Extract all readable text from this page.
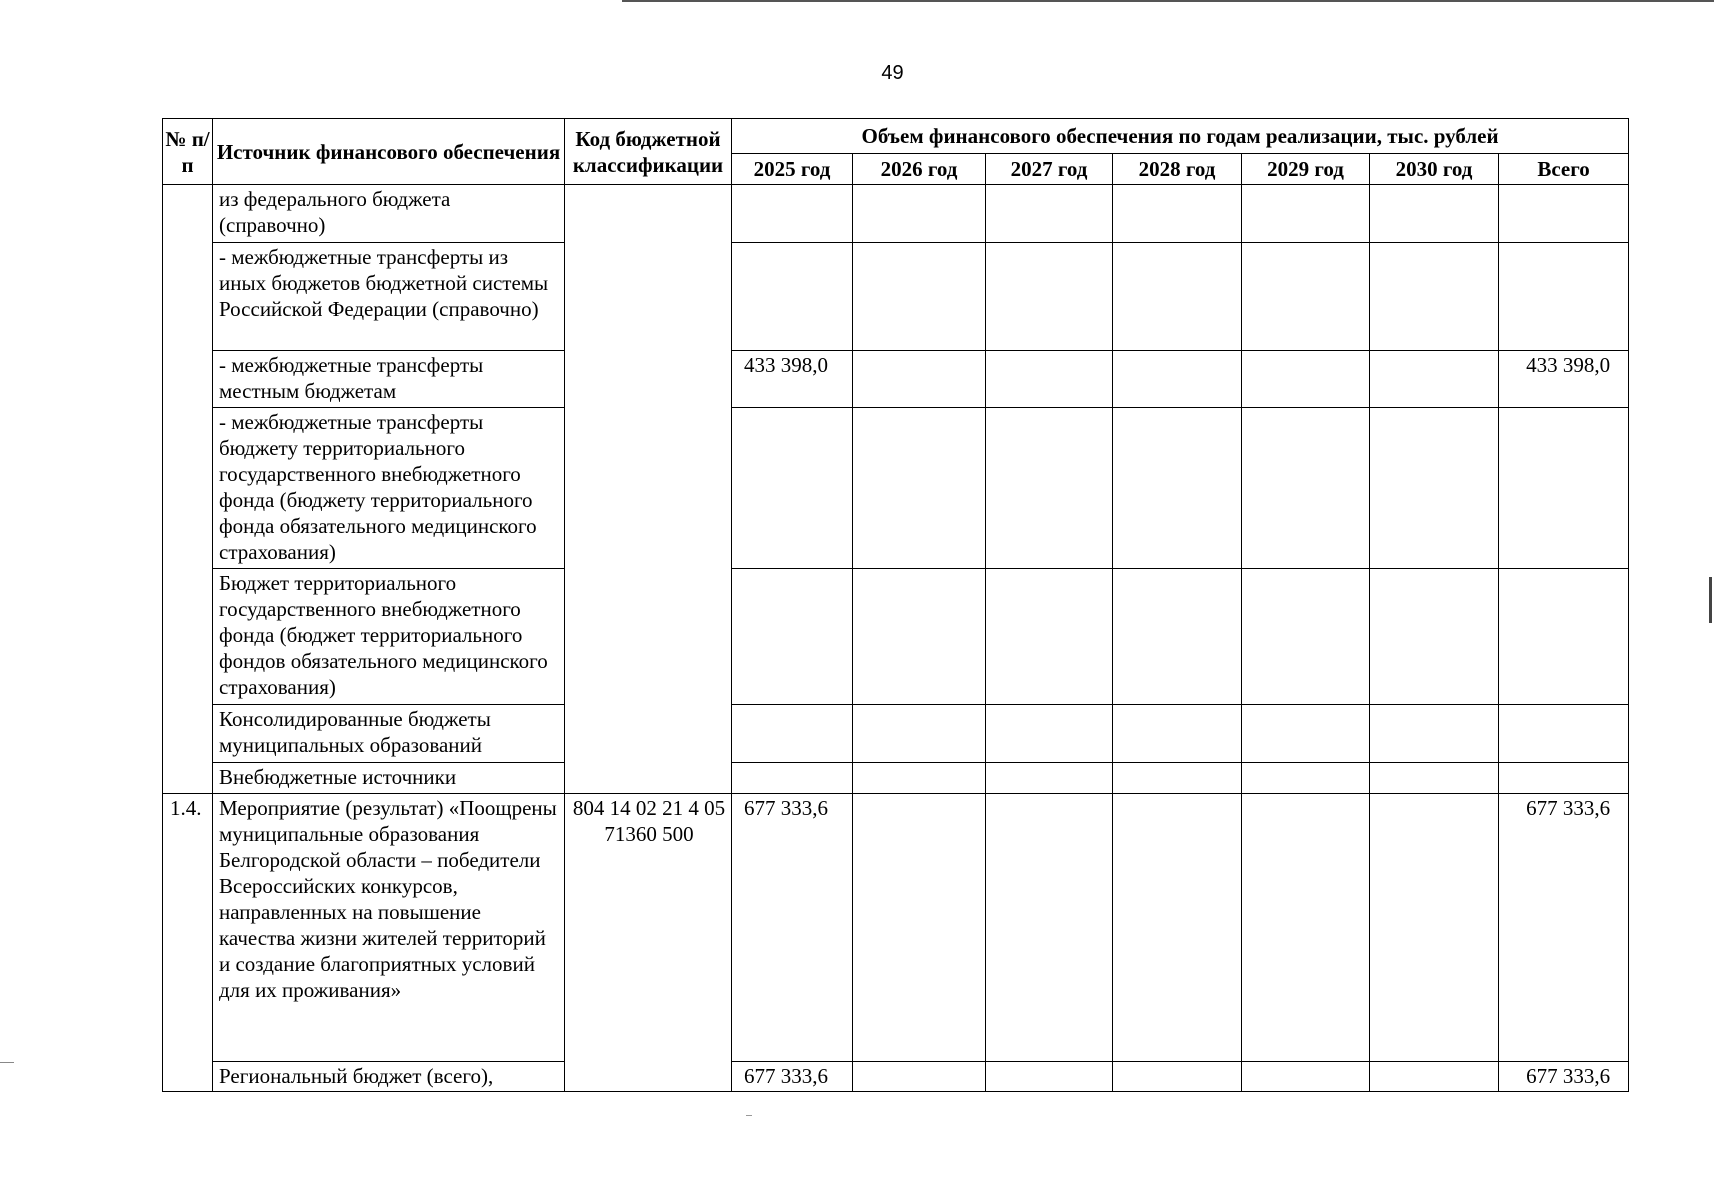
49
№ п/п	Источник финансового обеспечения	Код бюджетной классификации	Объем финансового обеспечения по годам реализации, тыс. рублей						
			2025 год	2026 год	2027 год	2028 год	2029 год	2030 год	Всего
	из федерального бюджета (справочно)								
	- межбюджетные трансферты из иных бюджетов бюджетной системы Российской Федерации (справочно)								
	- межбюджетные трансферты местным бюджетам		433 398,0						433 398,0
	- межбюджетные трансферты бюджету территориального государственного внебюджетного фонда (бюджету территориального фонда обязательного медицинского страхования)								
	Бюджет территориального государственного внебюджетного фонда (бюджет территориального фондов обязательного медицинского страхования)								
	Консолидированные бюджеты муниципальных образований								
	Внебюджетные источники								
1.4.	Мероприятие (результат) «Поощрены муниципальные образования Белгородской области – победители Всероссийских конкурсов, направленных на повышение качества жизни жителей территорий и создание благоприятных условий для их проживания»	804 14 02 21 4 05 71360 500	677 333,6						677 333,6
	Региональный бюджет (всего),		677 333,6						677 333,6
